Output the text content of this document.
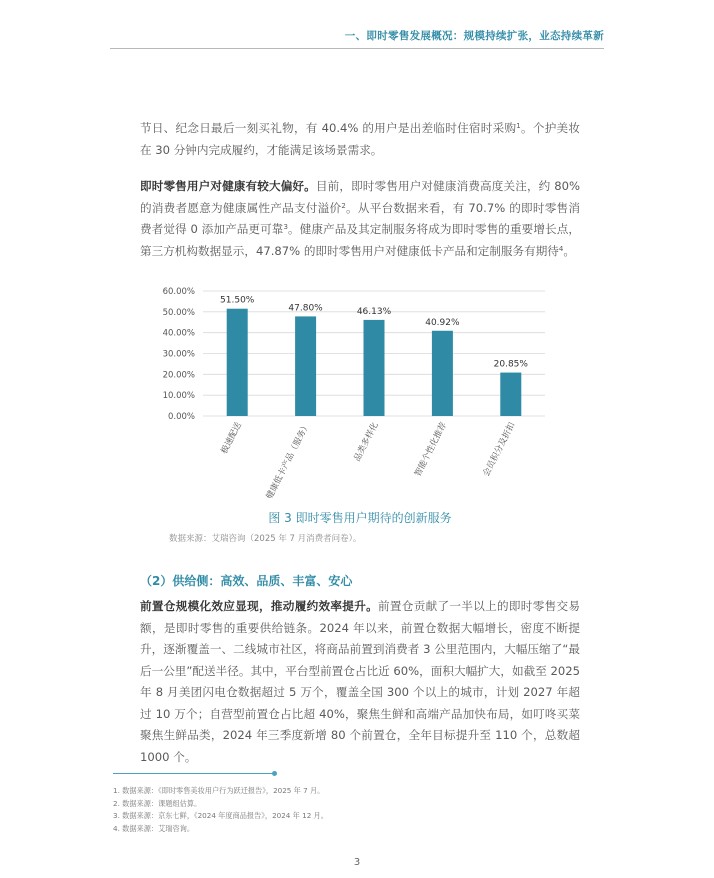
一、即时零售发展概况：规模持续扩张，业态持续革新
节日、纪念日最后一刻买礼物，有 40.4% 的用户是出差临时住宿时采购$^1$。个护美妆在 30 分钟内完成履约，才能满足该场景需求。
即时零售用户对健康有较大偏好。目前，即时零售用户对健康消费高度关注，约 80% 的消费者愿意为健康属性产品支付溢价$^2$。从平台数据来看，有 70.7% 的即时零售消费者觉得 0 添加产品更可靠$^3$。健康产品及其定制服务将成为即时零售的重要增长点，第三方机构数据显示，47.87% 的即时零售用户对健康低卡产品和定制服务有期待$^4$。
0.00%
10.00%
20.00%
30.00%
40.00%
50.00%
60.00%
51.50%
极速配送
47.80%
健康低卡产品（服务）
46.13%
品类多样化
40.92%
智能个性化推荐
20.85%
会员积分及折扣
图 3 即时零售用户期待的创新服务
数据来源：艾瑞咨询（2025 年 7 月消费者问卷）。
（2）供给侧：高效、品质、丰富、安心
前置仓规模化效应显现，推动履约效率提升。前置仓贡献了一半以上的即时零售交易额，是即时零售的重要供给链条。2024 年以来，前置仓数据大幅增长，密度不断提升，逐渐覆盖一、二线城市社区，将商品前置到消费者 3 公里范围内，大幅压缩了“最后一公里”配送半径。其中，平台型前置仓占比近 60%，面积大幅扩大，如截至 2025 年 8 月美团闪电仓数据超过 5 万个，覆盖全国 300 个以上的城市，计划 2027 年超过 10 万个；自营型前置仓占比超 40%，聚焦生鲜和高端产品加快布局，如叮咚买菜聚焦生鲜品类，2024 年三季度新增 80 个前置仓，全年目标提升至 110 个，总数超 1000 个。
1. 数据来源：《即时零售美妆用户行为跃迁报告》，2025 年 7 月。
2. 数据来源：课题组估算。
3. 数据来源：京东七鲜，《2024 年度商品报告》，2024 年 12 月。
4. 数据来源：艾瑞咨询。
3
